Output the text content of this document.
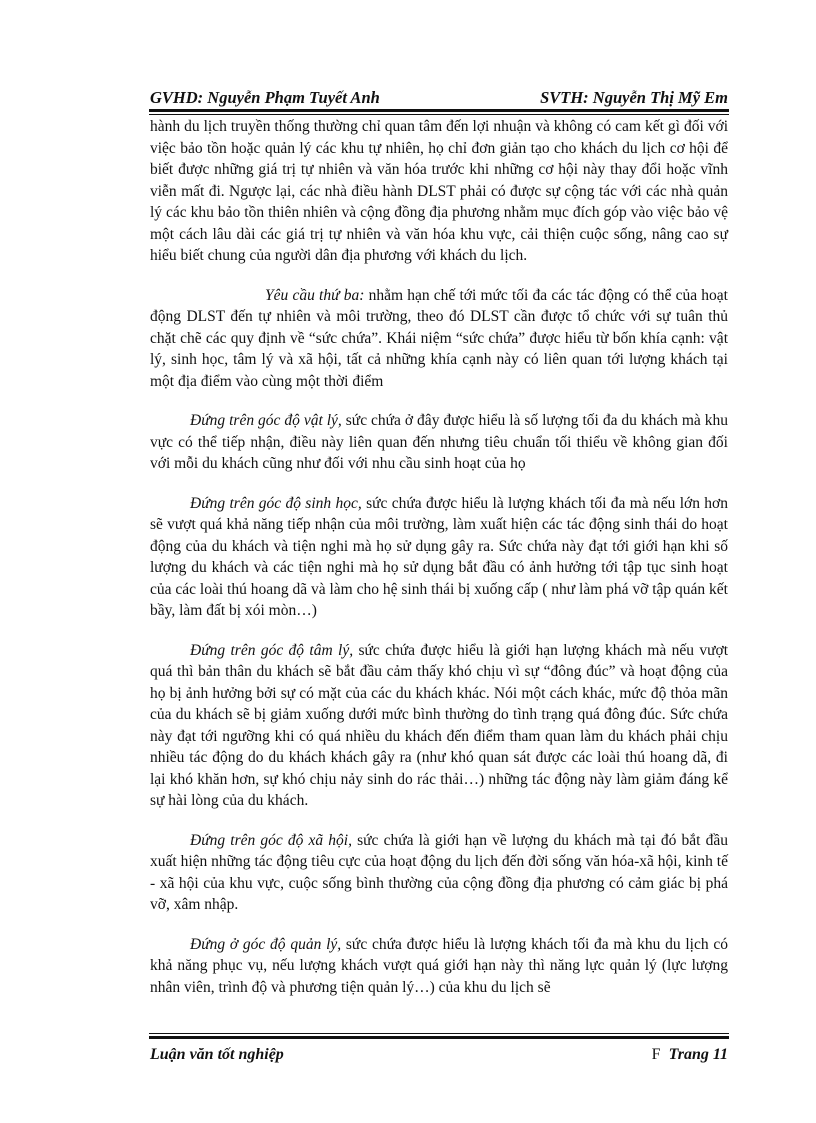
GVHD: Nguyễn Phạm Tuyết Anh	SVTH: Nguyễn Thị Mỹ Em

hành du lịch truyền thống thường chỉ quan tâm đến lợi nhuận và không có cam kết gì đối với việc bảo tồn hoặc quản lý các khu tự nhiên, họ chỉ đơn giản tạo cho khách du lịch cơ hội để biết được những giá trị tự nhiên và văn hóa trước khi những cơ hội này thay đổi hoặc vĩnh viễn mất đi. Ngược lại, các nhà điều hành DLST phải có được sự cộng tác với các nhà quản lý các khu bảo tồn thiên nhiên và cộng đồng địa phương nhằm mục đích góp vào việc bảo vệ một cách lâu dài các giá trị tự nhiên và văn hóa khu vực, cải thiện cuộc sống, nâng cao sự hiểu biết chung của người dân địa phương với khách du lịch.

Yêu cầu thứ ba: nhằm hạn chế tới mức tối đa các tác động có thể của hoạt động DLST đến tự nhiên và môi trường, theo đó DLST cần được tổ chức với sự tuân thủ chặt chẽ các quy định về “sức chứa”. Khái niệm “sức chứa” được hiểu từ bốn khía cạnh: vật lý, sinh học, tâm lý và xã hội, tất cả những khía cạnh này có liên quan tới lượng khách tại một địa điểm vào cùng một thời điểm

Đứng trên góc độ vật lý, sức chứa ở đây được hiểu là số lượng tối đa du khách mà khu vực có thể tiếp nhận, điều này liên quan đến nhưng tiêu chuẩn tối thiểu về không gian đối với mỗi du khách cũng như đối với nhu cầu sinh hoạt của họ

Đứng trên góc độ sinh học, sức chứa được hiểu là lượng khách tối đa mà nếu lớn hơn sẽ vượt quá khả năng tiếp nhận của môi trường, làm xuất hiện các tác động sinh thái do hoạt động của du khách và tiện nghi mà họ sử dụng gây ra. Sức chứa này đạt tới giới hạn khi số lượng du khách và các tiện nghi mà họ sử dụng bắt đầu có ảnh hưởng tới tập tục sinh hoạt của các loài thú hoang dã và làm cho hệ sinh thái bị xuống cấp ( như làm phá vỡ tập quán kết bầy, làm đất bị xói mòn…)

Đứng trên góc độ tâm lý, sức chứa được hiểu là giới hạn lượng khách mà nếu vượt quá thì bản thân du khách sẽ bắt đầu cảm thấy khó chịu vì sự “đông đúc” và hoạt động của họ bị ảnh hưởng bởi sự có mặt của các du khách khác. Nói một cách khác, mức độ thỏa mãn của du khách sẽ bị giảm xuống dưới mức bình thường do tình trạng quá đông đúc. Sức chứa này đạt tới ngưỡng khi có quá nhiều du khách đến điểm tham quan làm du khách phải chịu nhiều tác động do du khách khách gây ra (như khó quan sát được các loài thú hoang dã, đi lại khó khăn hơn, sự khó chịu nảy sinh do rác thải…) những tác động này làm giảm đáng kể sự hài lòng của du khách.

Đứng trên góc độ xã hội, sức chứa là giới hạn về lượng du khách mà tại đó bắt đầu xuất hiện những tác động tiêu cực của hoạt động du lịch đến đời sống văn hóa-xã hội, kinh tế - xã hội của khu vực, cuộc sống bình thường của cộng đồng địa phương có cảm giác bị phá vỡ, xâm nhập.

Đứng ở góc độ quản lý, sức chứa được hiểu là lượng khách tối đa mà khu du lịch có khả năng phục vụ, nếu lượng khách vượt quá giới hạn này thì năng lực quản lý (lực lượng nhân viên, trình độ và phương tiện quản lý…) của khu du lịch sẽ

Luận văn tốt nghiệp	F Trang 11
